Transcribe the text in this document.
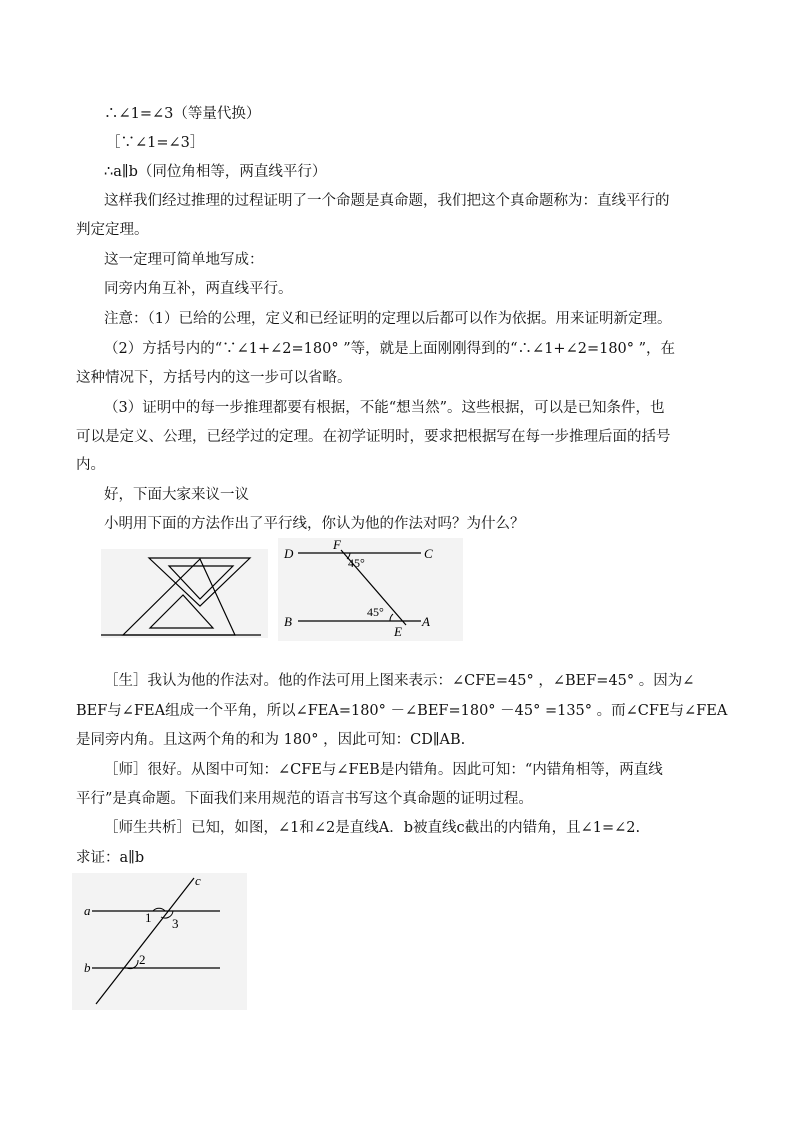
∴∠1=∠3（等量代换）
［∵∠1=∠3］
∴a∥b（同位角相等，两直线平行）
这样我们经过推理的过程证明了一个命题是真命题，我们把这个真命题称为：直线平行的
判定定理。
这一定理可简单地写成：
同旁内角互补，两直线平行。
注意：（1）已给的公理，定义和已经证明的定理以后都可以作为依据。用来证明新定理。
（2）方括号内的“∵∠1+∠2=180° ”等，就是上面刚刚得到的“∴∠1+∠2=180° ”，在
这种情况下，方括号内的这一步可以省略。
（3）证明中的每一步推理都要有根据，不能“想当然”。这些根据，可以是已知条件，也
可以是定义、公理，已经学过的定理。在初学证明时，要求把根据写在每一步推理后面的括号
内。
好，下面大家来议一议
小明用下面的方法作出了平行线，你认为他的作法对吗？为什么？
D
F
C
B	A
E
45°
45°
［生］我认为他的作法对。他的作法可用上图来表示：∠CFE=45° ，∠BEF=45° 。因为∠
BEF与∠FEA组成一个平角，所以∠FEA=180° －∠BEF=180° －45° =135° 。而∠CFE与∠FEA
是同旁内角。且这两个角的和为 180° ，因此可知：CD∥AB.
［师］很好。从图中可知：∠CFE与∠FEB是内错角。因此可知：“内错角相等，两直线
平行”是真命题。下面我们来用规范的语言书写这个真命题的证明过程。
［师生共析］已知，如图，∠1和∠2是直线A．b被直线c截出的内错角，且∠1=∠2.
求证：a∥b
a
b
c
1 3
2
